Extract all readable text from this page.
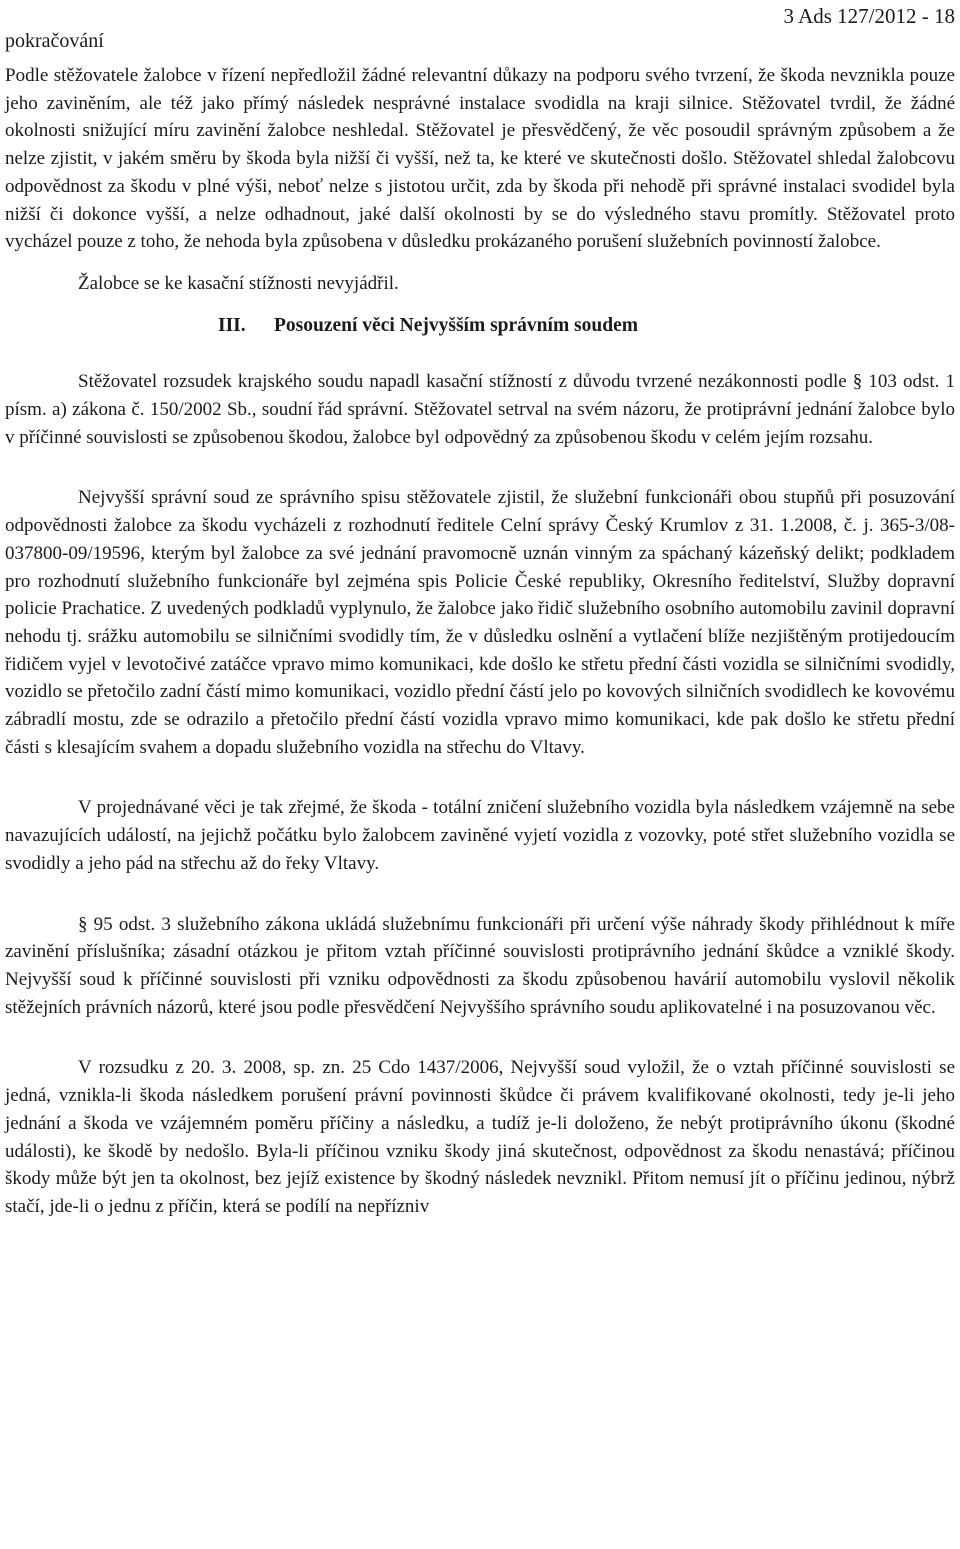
pokračování
3 Ads 127/2012 - 18

Podle stěžovatele žalobce v řízení nepředložil žádné relevantní důkazy na podporu svého tvrzení, že škoda nevznikla pouze jeho zaviněním, ale též jako přímý následek nesprávné instalace svodidla na kraji silnice. Stěžovatel tvrdil, že žádné okolnosti snižující míru zavinění žalobce neshledal. Stěžovatel je přesvědčený, že věc posoudil správným způsobem a že nelze zjistit, v jakém směru by škoda byla nižší či vyšší, než ta, ke které ve skutečnosti došlo. Stěžovatel shledal žalobcovu odpovědnost za škodu v plné výši, neboť nelze s jistotou určit, zda by škoda při nehodě při správné instalaci svodidel byla nižší či dokonce vyšší, a nelze odhadnout, jaké další okolnosti by se do výsledného stavu promítly. Stěžovatel proto vycházel pouze z toho, že nehoda byla způsobena v důsledku prokázaného porušení služebních povinností žalobce.

Žalobce se ke kasační stížnosti nevyjádřil.

III. Posouzení věci Nejvyšším správním soudem

Stěžovatel rozsudek krajského soudu napadl kasační stížností z důvodu tvrzené nezákonnosti podle § 103 odst. 1 písm. a) zákona č. 150/2002 Sb., soudní řád správní. Stěžovatel setrval na svém názoru, že protiprávní jednání žalobce bylo v příčinné souvislosti se způsobenou škodou, žalobce byl odpovědný za způsobenou škodu v celém jejím rozsahu.

Nejvyšší správní soud ze správního spisu stěžovatele zjistil, že služební funkcionáři obou stupňů při posuzování odpovědnosti žalobce za škodu vycházeli z rozhodnutí ředitele Celní správy Český Krumlov z 31. 1.2008, č. j. 365-3/08-037800-09/19596, kterým byl žalobce za své jednání pravomocně uznán vinným za spáchaný kázeňský delikt; podkladem pro rozhodnutí služebního funkcionáře byl zejména spis Policie České republiky, Okresního ředitelství, Služby dopravní policie Prachatice. Z uvedených podkladů vyplynulo, že žalobce jako řidič služebního osobního automobilu zavinil dopravní nehodu tj. srážku automobilu se silničními svodidly tím, že v důsledku oslnění a vytlačení blíže nezjištěným protijedoucím řidičem vyjel v levotočivé zatáčce vpravo mimo komunikaci, kde došlo ke střetu přední části vozidla se silničními svodidly, vozidlo se přetočilo zadní částí mimo komunikaci, vozidlo přední částí jelo po kovových silničních svodidlech ke kovovému zábradlí mostu, zde se odrazilo a přetočilo přední částí vozidla vpravo mimo komunikaci, kde pak došlo ke střetu přední části s klesajícím svahem a dopadu služebního vozidla na střechu do Vltavy.

V projednávané věci je tak zřejmé, že škoda - totální zničení služebního vozidla byla následkem vzájemně na sebe navazujících událostí, na jejichž počátku bylo žalobcem zaviněné vyjetí vozidla z vozovky, poté střet služebního vozidla se svodidly a jeho pád na střechu až do řeky Vltavy.

§ 95 odst. 3 služebního zákona ukládá služebnímu funkcionáři při určení výše náhrady škody přihlédnout k míře zavinění příslušníka; zásadní otázkou je přitom vztah příčinné souvislosti protiprávního jednání škůdce a vzniklé škody. Nejvyšší soud k příčinné souvislosti při vzniku odpovědnosti za škodu způsobenou havárií automobilu vyslovil několik stěžejních právních názorů, které jsou podle přesvědčení Nejvyššího správního soudu aplikovatelné i na posuzovanou věc.

V rozsudku z 20. 3. 2008, sp. zn. 25 Cdo 1437/2006, Nejvyšší soud vyložil, že o vztah příčinné souvislosti se jedná, vznikla-li škoda následkem porušení právní povinnosti škůdce či právem kvalifikované okolnosti, tedy je-li jeho jednání a škoda ve vzájemném poměru příčiny a následku, a tudíž je-li doloženo, že nebýt protiprávního úkonu (škodné události), ke škodě by nedošlo. Byla-li příčinou vzniku škody jiná skutečnost, odpovědnost za škodu nenastává; příčinou škody může být jen ta okolnost, bez jejíž existence by škodný následek nevznikl. Přitom nemusí jít o příčinu jedinou, nýbrž stačí, jde-li o jednu z příčin, která se podílí na nepřízniv
